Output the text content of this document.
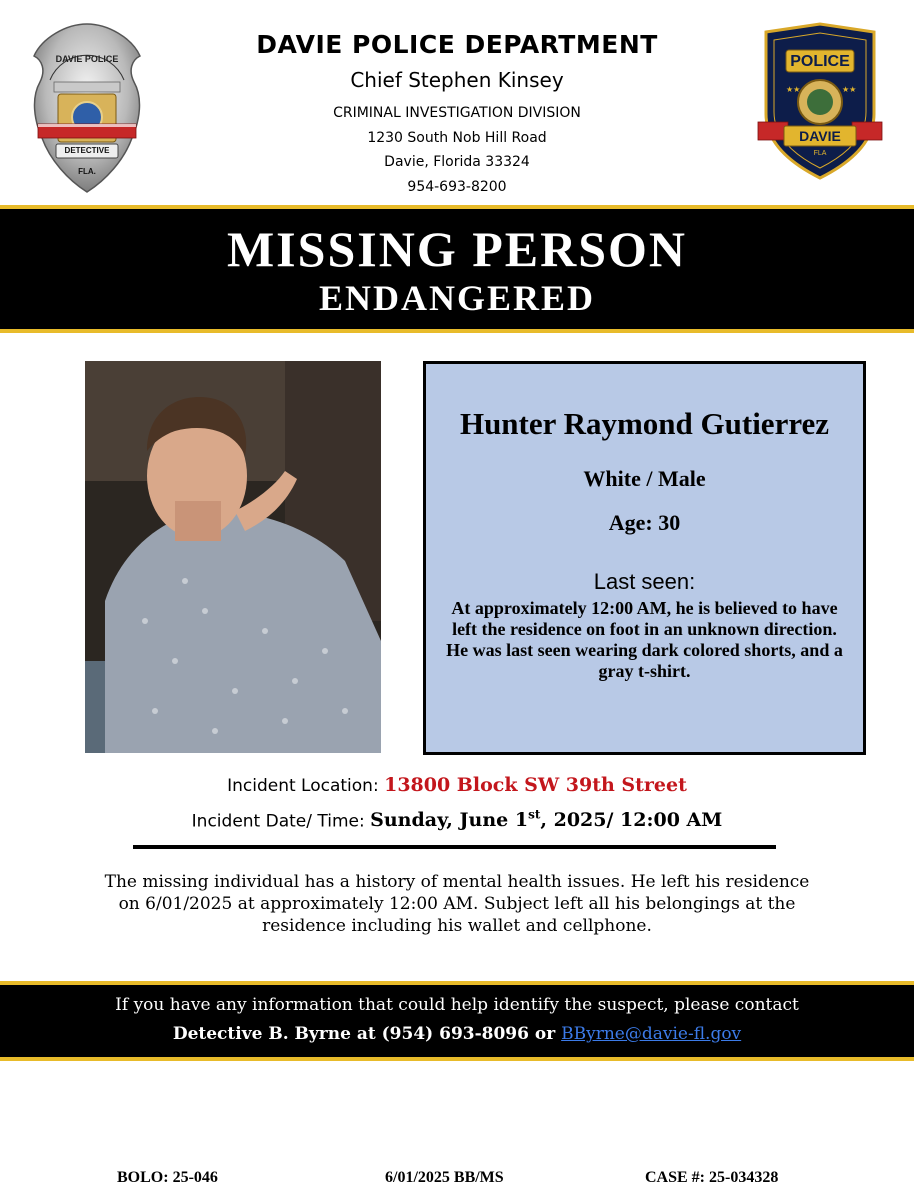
DAVIE POLICE
DETECTIVE
FLA.
★★	★★
POLICE
DAVIE
FLA
DAVIE POLICE DEPARTMENT
Chief Stephen Kinsey
CRIMINAL INVESTIGATION DIVISION
1230 South Nob Hill Road
Davie, Florida 33324
954-693-8200
MISSING PERSON
ENDANGERED
Hunter Raymond Gutierrez
White / Male
Age: 30
Last seen:
At approximately 12:00 AM, he is believed to have left the residence on foot in an unknown direction. He was last seen wearing dark colored shorts, and a gray t-shirt.
Incident Location: 13800 Block SW 39th Street
Incident Date/ Time: Sunday, June 1st, 2025/ 12:00 AM
The missing individual has a history of mental health issues. He left his residence on 6/01/2025 at approximately 12:00 AM. Subject left all his belongings at the residence including his wallet and cellphone.
If you have any information that could help identify the suspect, please contact
Detective B. Byrne at (954) 693-8096 or BByrne@davie-fl.gov
BOLO: 25-046	6/01/2025 BB/MS	CASE #: 25-034328
